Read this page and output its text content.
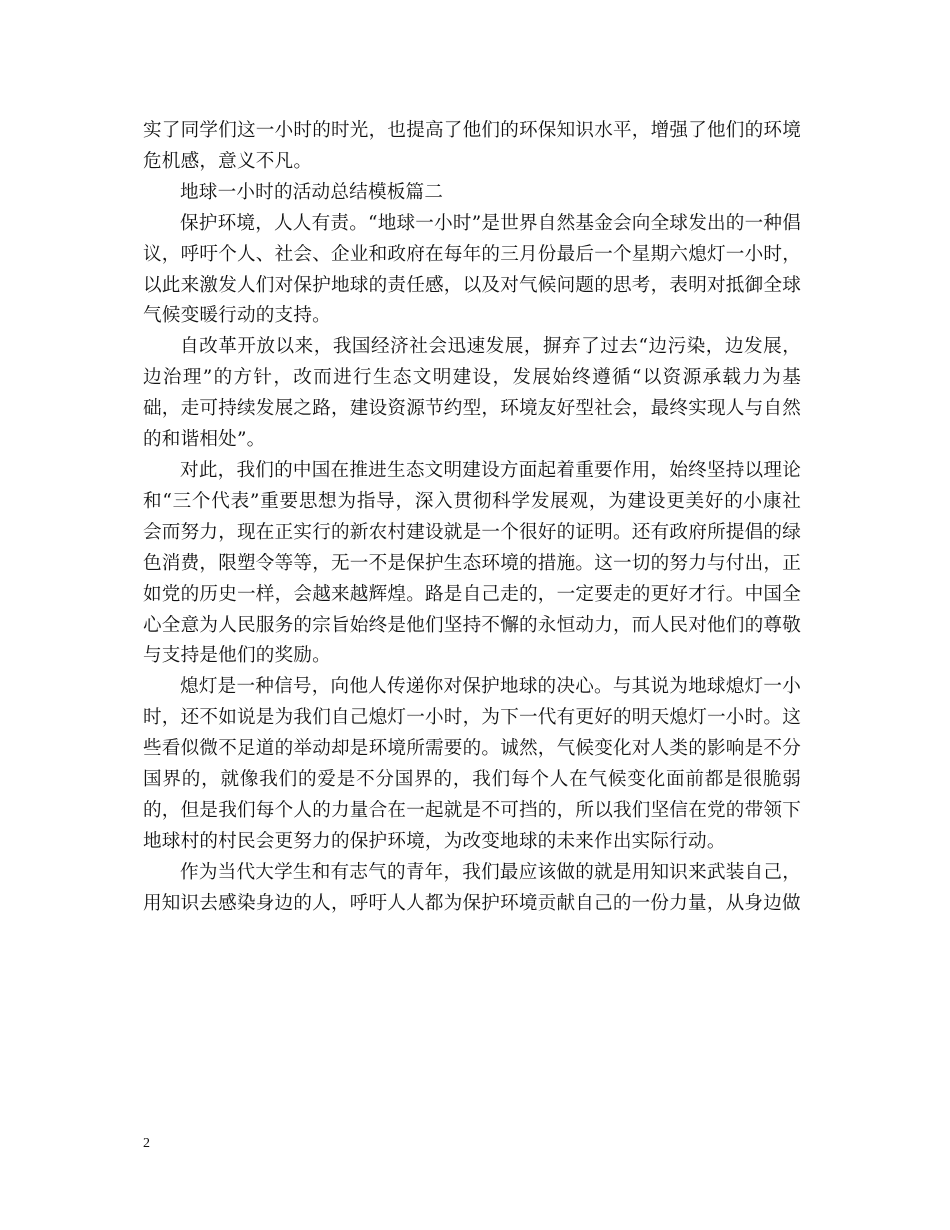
实了同学们这一小时的时光，也提高了他们的环保知识水平，增强了他们的环境危机感，意义不凡。

地球一小时的活动总结模板篇二

保护环境，人人有责。“地球一小时”是世界自然基金会向全球发出的一种倡议，呼吁个人、社会、企业和政府在每年的三月份最后一个星期六熄灯一小时，以此来激发人们对保护地球的责任感，以及对气候问题的思考，表明对抵御全球气候变暖行动的支持。

自改革开放以来，我国经济社会迅速发展，摒弃了过去“边污染，边发展，边治理”的方针，改而进行生态文明建设，发展始终遵循“以资源承载力为基础，走可持续发展之路，建设资源节约型，环境友好型社会，最终实现人与自然的和谐相处”。

对此，我们的中国在推进生态文明建设方面起着重要作用，始终坚持以理论和“三个代表”重要思想为指导，深入贯彻科学发展观，为建设更美好的小康社会而努力，现在正实行的新农村建设就是一个很好的证明。还有政府所提倡的绿色消费，限塑令等等，无一不是保护生态环境的措施。这一切的努力与付出，正如党的历史一样，会越来越辉煌。路是自己走的，一定要走的更好才行。中国全心全意为人民服务的宗旨始终是他们坚持不懈的永恒动力，而人民对他们的尊敬与支持是他们的奖励。

熄灯是一种信号，向他人传递你对保护地球的决心。与其说为地球熄灯一小时，还不如说是为我们自己熄灯一小时，为下一代有更好的明天熄灯一小时。这些看似微不足道的举动却是环境所需要的。诚然，气候变化对人类的影响是不分国界的，就像我们的爱是不分国界的，我们每个人在气候变化面前都是很脆弱的，但是我们每个人的力量合在一起就是不可挡的，所以我们坚信在党的带领下地球村的村民会更努力的保护环境，为改变地球的未来作出实际行动。

作为当代大学生和有志气的青年，我们最应该做的就是用知识来武装自己，用知识去感染身边的人，呼吁人人都为保护环境贡献自己的一份力量，从身边做

2
